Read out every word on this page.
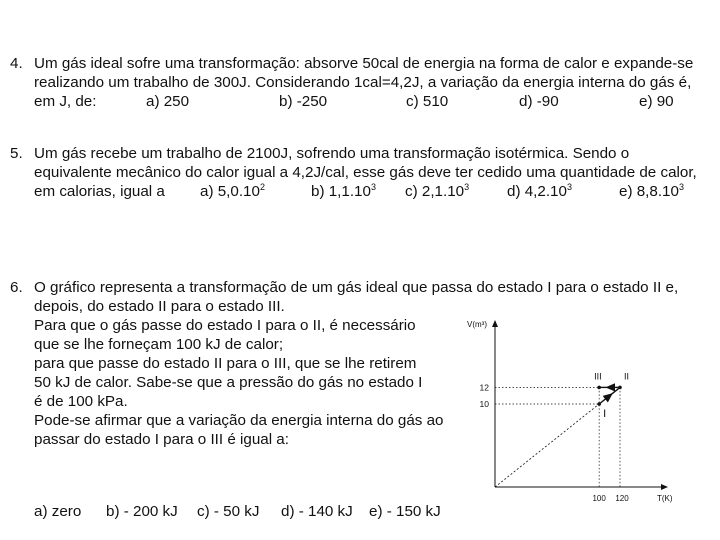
4. Um gás ideal sofre uma transformação: absorve 50cal de energia na forma de calor e expande-se
realizando um trabalho de 300J. Considerando 1cal=4,2J, a variação da energia interna do gás é,
em J, de:	a) 250	b) -250	c) 510	d) -90	e) 90
5. Um gás recebe um trabalho de 2100J, sofrendo uma transformação isotérmica. Sendo o
equivalente mecânico do calor igual a 4,2J/cal, esse gás deve ter cedido uma quantidade de calor,
em calorias, igual a a) 5,0.10$^2$	b) 1,1.10$^3$ c) 2,1.10$^3$ d) 4,2.10$^3$	e) 8,8.10$^3$
6. O gráfico representa a transformação de um gás ideal que passa do estado I para o estado II e,
depois, do estado II para o estado III.
Para que o gás passe do estado I para o II, é necessário
que se lhe forneçam 100 kJ de calor;
para que passe do estado II para o III, que se lhe retirem
50 kJ de calor. Sabe-se que a pressão do gás no estado I
é de 100 kPa.
Pode-se afirmar que a variação da energia interna do gás ao
passar do estado I para o III é igual a:
a) zero b) - 200 kJ c) - 50 kJ d) - 140 kJ e) - 150 kJ
V(m³)
T(K)
12
10
100 120
I
II
III
